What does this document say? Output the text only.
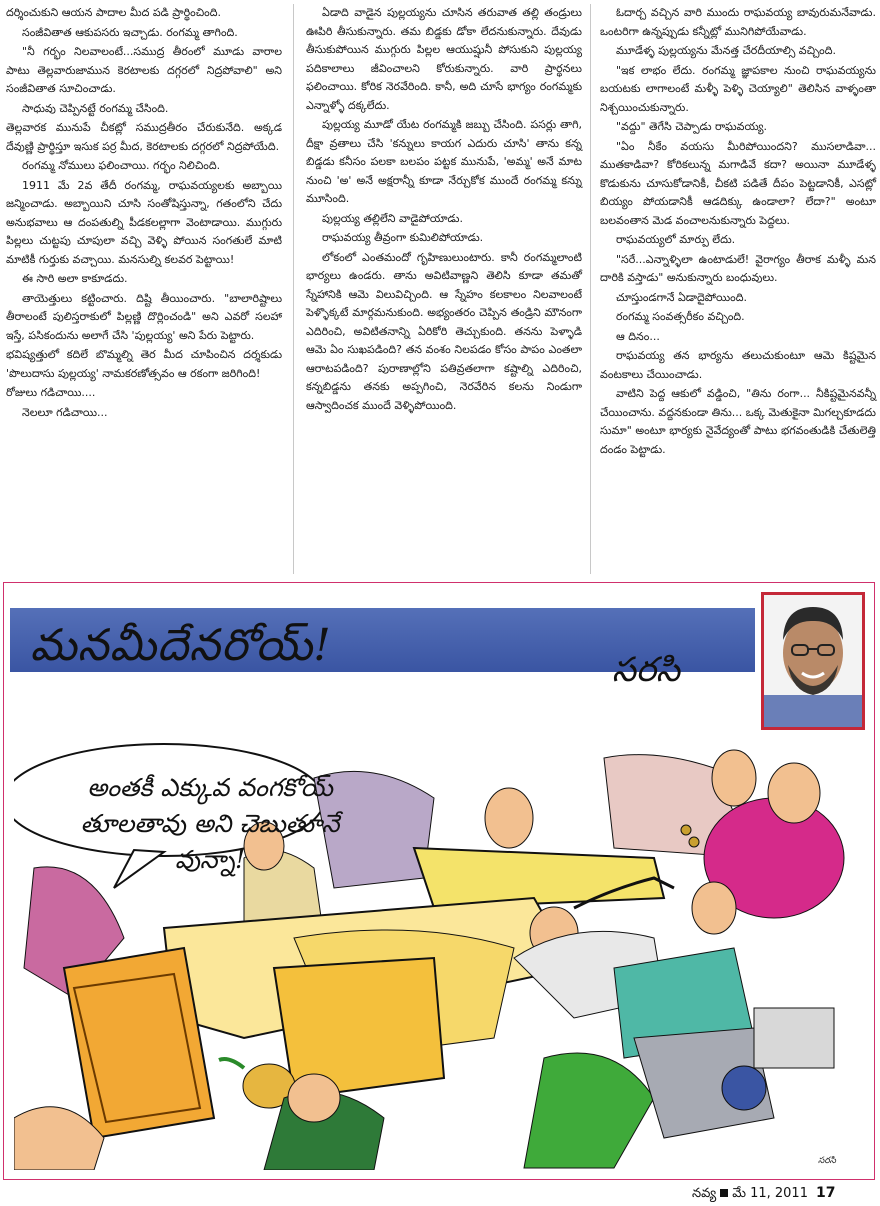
దర్శించుకుని ఆయన పాదాల మీద పడి ప్రార్థించింది.

సంజీవితాత ఆకుపసరు ఇచ్చాడు. రంగమ్మ తాగింది.

"నీ గర్భం నిలవాలంటే...సముద్ర తీరంలో మూడు వారాల పాటు తెల్లవారుజామున కెరటాలకు దగ్గరలో నిద్రపోవాలి" అని సంజీవితాత సూచించాడు.

సాధువు చెప్పినట్టే రంగమ్మ చేసింది.

తెల్లవారక మునుపే చీకట్లో సముద్రతీరం చేరుకునేది. అక్కడ దేవుణ్ణి ప్రార్థిస్తూ ఇసుక పర్ర మీద, కెరటాలకు దగ్గరలో నిద్రపోయేది.

రంగమ్మ నోములు ఫలించాయి. గర్భం నిలిచింది.

1911 మే 2వ తేదీ రంగమ్మ, రాఘవయ్యలకు అబ్బాయి జన్మించాడు. అబ్బాయిని చూసి సంతోషిస్తున్నా, గతంలోని చేదు అనుభవాలు ఆ దంపతుల్ని పీడకలల్లాగా వెంటాడాయి. ముగ్గురు పిల్లలు చుట్టపు చూపులా వచ్చి వెళ్ళి పోయిన సంగతులే మాటి మాటికీ గుర్తుకు వచ్చాయి. మనసుల్ని కలవర పెట్టాయి!

ఈ సారి అలా కాకూడదు.

తాయెత్తులు కట్టించారు. దిష్టి తీయించారు. "బాలారిష్టాలు తీరాలంటే పులిస్తరాకులో పిల్లణ్ణి దొర్లించండి" అని ఎవరో సలహా ఇస్తే, పసికందును అలాగే చేసి 'పుల్లయ్య' అని పేరు పెట్టారు.

భవిష్యత్తులో కదిలే బొమ్మల్ని తెర మీద చూపించిన దర్శకుడు 'పొలుదాసు పుల్లయ్య' నామకరణోత్సవం ఆ రకంగా జరిగింది!

రోజులు గడిచాయి....

నెలలూ గడిచాయి...

ఏడాది వాడైన పుల్లయ్యను చూసిన తరువాత తల్లి తండ్రులు ఊపిరి తీసుకున్నారు. తమ బిడ్డకు డోకా లేదనుకున్నారు. దేవుడు తీసుకుపోయిన ముగ్గురు పిల్లల ఆయుష్షునీ పోసుకుని పుల్లయ్య పదికాలాలు జీవించాలని కోరుకున్నారు. వారి ప్రార్థనలు ఫలించాయి. కోరిక నెరవేరింది. కానీ, అది చూసే భాగ్యం రంగమ్మకు ఎన్నాళ్ళో దక్కలేదు.

పుల్లయ్య మూడో యేట రంగమ్మకి జబ్బు చేసింది. పసర్లు తాగి, దీక్షా వ్రతాలు చేసి 'కన్నులు కాయగ ఎదురు చూసి' తాను కన్న బిడ్డడు కనీసం పలకా బలపం పట్టక మునుపే, 'అమ్మ' అనే మాట నుంచి 'అ' అనే అక్షరాన్నీ కూడా నేర్చుకోక ముందే రంగమ్మ కన్ను మూసింది.

పుల్లయ్య తల్లిలేని వాడైపోయాడు.

రాఘవయ్య తీవ్రంగా కుమిలిపోయాడు.

లోకంలో ఎంతమందో గృహిణులుంటారు. కానీ రంగమ్మలాంటి భార్యలు ఉండరు. తాను అవిటివాణ్ణని తెలిసి కూడా తమతో స్నేహానికి ఆమె విలువిచ్చింది. ఆ స్నేహం కలకాలం నిలవాలంటే పెళ్ళొక్కటే మార్గమనుకుంది. అభ్యంతరం చెప్పిన తండ్రిని మౌనంగా ఎదిరించి, అవిటితనాన్ని ఏరికోరి తెచ్చుకుంది. తనను పెళ్ళాడి ఆమె ఏం సుఖపడింది? తన వంశం నిలపడం కోసం పాపం ఎంతలా ఆరాటపడింది? పురాణాల్లోని పతివ్రతలాగా కష్టాల్ని ఎదిరించి, కన్నబిడ్డను తనకు అప్పగించి, నెరవేరిన కలను నిండుగా ఆస్వాదించక ముందే వెళ్ళిపోయింది.

ఓదార్చ వచ్చిన వారి ముందు రాఘవయ్య బావురుమనేవాడు. ఒంటరిగా ఉన్నప్పుడు కన్నీట్లో మునిగిపోయేవాడు.

మూడేళ్ళ పుల్లయ్యను మేనత్త చేరదీయాల్సి వచ్చింది.

"ఇక లాభం లేదు. రంగమ్మ జ్ఞాపకాల నుంచి రాఘవయ్యను బయటకు లాగాలంటే మళ్ళీ పెళ్ళి చెయ్యాలి" తెలిసిన వాళ్ళంతా నిశ్చయించుకున్నారు.

"వద్దు" తెగేసి చెప్పాడు రాఘవయ్య.

"ఏం నీకేం వయసు మీరిపోయిందని? ముసలాడివా... ముతకాడివా? కోరికలున్న మగాడివే కదా? అయినా మూడేళ్ళ కొడుకును చూసుకోడానికీ, చీకటి పడితే దీపం పెట్టడానికీ, ఎసట్లో బియ్యం పోయడానికీ ఆడదిక్కు ఉండాలా? లేదా?" అంటూ బలవంతాన మెడ వంచాలనుకున్నారు పెద్దలు.

రాఘవయ్యలో మార్పు లేదు.

"సరే...ఎన్నాళ్ళిలా ఉంటాడులే! వైరాగ్యం తీరాక మళ్ళీ మన దారికి వస్తాడు" అనుకున్నారు బంధువులు.

చూస్తుండగానే ఏడాదైపోయింది.

రంగమ్మ సంవత్సరీకం వచ్చింది.

ఆ దినం...

రాఘవయ్య తన భార్యను తలుచుకుంటూ ఆమె కిష్టమైన వంటకాలు చేయించాడు.

వాటిని పెద్ద ఆకులో వడ్డించి, "తిను రంగా... నీకిష్టమైనవన్నీ చేయించాను. వద్దనకుండా తిను... ఒక్క మెతుకైనా మిగల్చకూడదు సుమా" అంటూ భార్యకు నైవేద్యంతో పాటు భగవంతుడికి చేతులెత్తి దండం పెట్టాడు.

మనమీదేనరోయ్!	సరసి
అంతకీ ఎక్కువ వంగకోయ్ తూలతావు అని చెబుతూనే వున్నా!
సరసి
నవ్య మే 11, 2011 17
